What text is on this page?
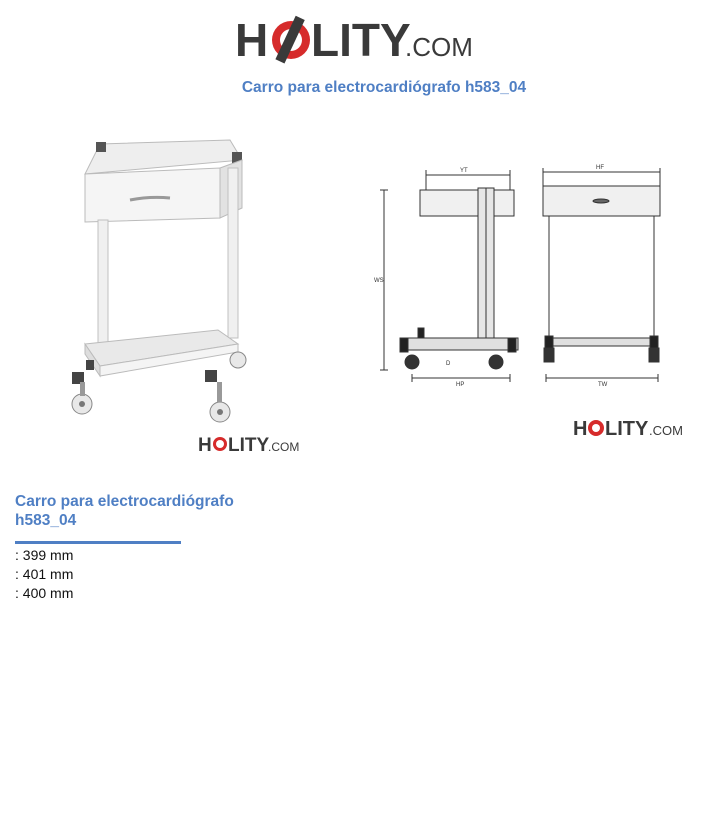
H LITY
.COM
Carro para electrocardiógrafo h583_04
H LITY
.COM
YT	HF
WS
HP	TW
D
H LITY .COM
Carro para electrocardiógrafo h583_04
: 399 mm
: 401 mm
: 400 mm
